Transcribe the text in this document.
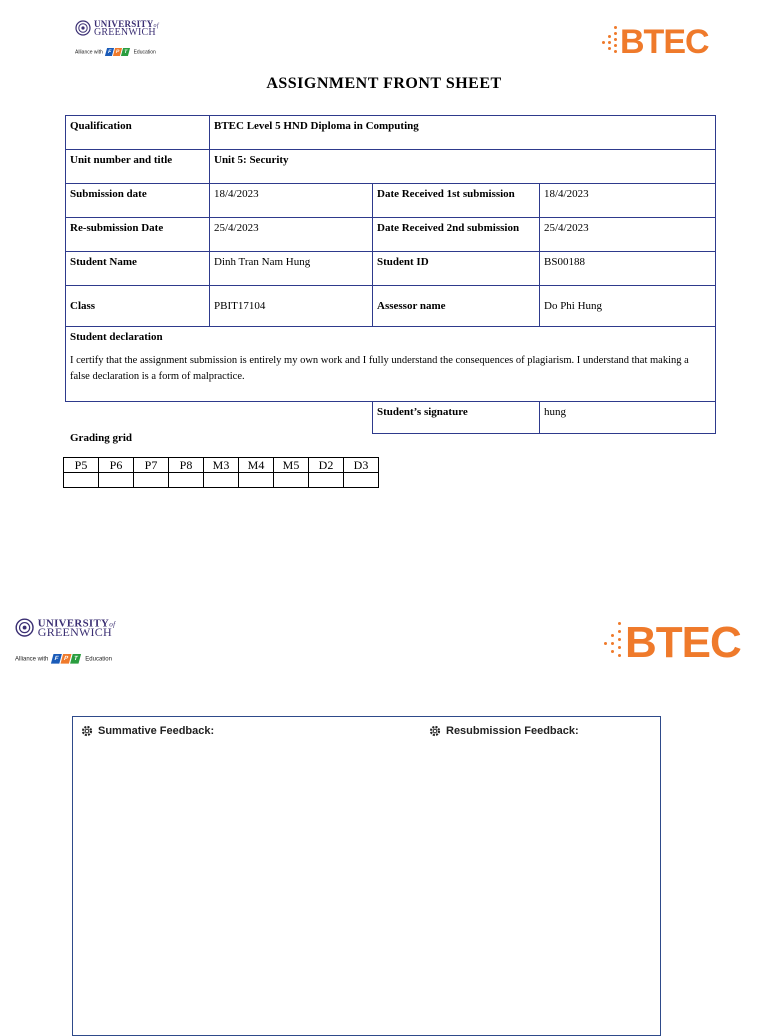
UNIVERSITYof
GREENWICH
Alliance with F P T Education	BTEC
ASSIGNMENT FRONT SHEET
Qualification	BTEC Level 5 HND Diploma in Computing		
Unit number and title	Unit 5: Security		
Submission date	18/4/2023	Date Received 1st submission	18/4/2023
Re-submission Date	25/4/2023	Date Received 2nd submission	25/4/2023
Student Name	Dinh Tran Nam Hung	Student ID	BS00188
Class	PBIT17104	Assessor name	Do Phi Hung

Student declaration
I certify that the assignment submission is entirely my own work and I fully understand the consequences of plagiarism. I understand that making a false declaration is a form of malpractice.			

		Student’s signature	hung
Grading grid
P5	P6	P7	P8	M3	M4	M5	D2	D3

UNIVERSITYof
GREENWICH
Alliance with F P T Education	BTEC
Summative Feedback:	Resubmission Feedback:
